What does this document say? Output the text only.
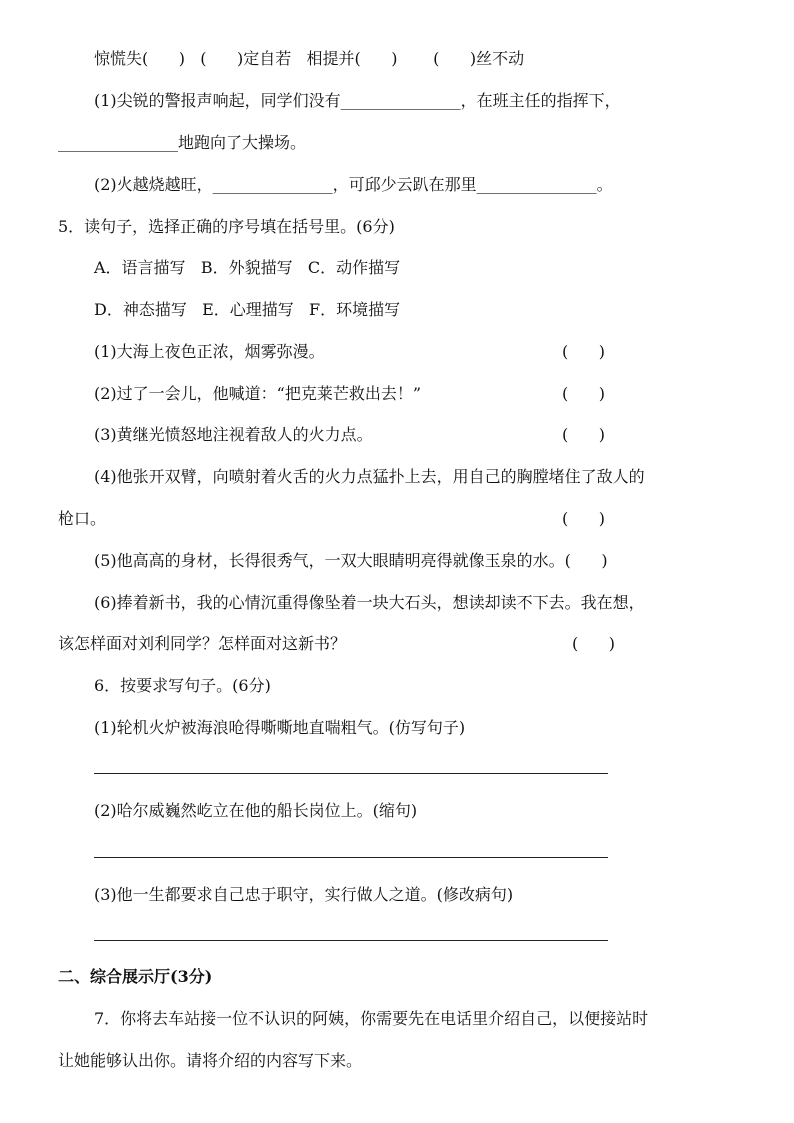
惊慌失(      )   (      )定自若   相提并(      )       (      )丝不动
(1)尖锐的警报声响起，同学们没有_______________，在班主任的指挥下，
_______________地跑向了大操场。
(2)火越烧越旺，_______________，可邱少云趴在那里_______________。
5．读句子，选择正确的序号填在括号里。(6分)
A．语言描写   B．外貌描写   C．动作描写
D．神态描写   E．心理描写   F．环境描写
(1)大海上夜色正浓，烟雾弥漫。	(      )
(2)过了一会儿，他喊道：“把克莱芒救出去！”	(      )
(3)黄继光愤怒地注视着敌人的火力点。	(      )
(4)他张开双臂，向喷射着火舌的火力点猛扑上去，用自己的胸膛堵住了敌人的
枪口。	(      )
(5)他高高的身材，长得很秀气，一双大眼睛明亮得就像玉泉的水。(      )
(6)捧着新书，我的心情沉重得像坠着一块大石头，想读却读不下去。我在想，
该怎样面对刘利同学？怎样面对这新书？	(      )
6．按要求写句子。(6分)
(1)轮机火炉被海浪呛得嘶嘶地直喘粗气。(仿写句子)
(2)哈尔威巍然屹立在他的船长岗位上。(缩句)
(3)他一生都要求自己忠于职守，实行做人之道。(修改病句)
二、综合展示厅(3分)
7．你将去车站接一位不认识的阿姨，你需要先在电话里介绍自己，以便接站时
让她能够认出你。请将介绍的内容写下来。
